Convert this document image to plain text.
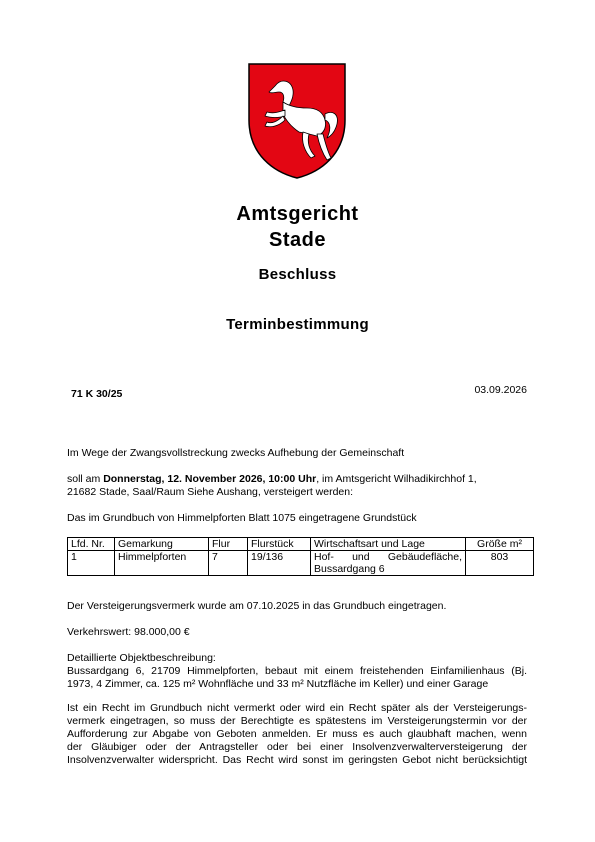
Amtsgericht
Stade
Beschluss
Terminbestimmung
71 K 30/25	03.09.2026
Im Wege der Zwangsvollstreckung zwecks Aufhebung der Gemeinschaft
soll am Donnerstag, 12. November 2026, 10:00 Uhr, im Amtsgericht Wilhadikirchhof 1,
21682 Stade, Saal/Raum Siehe Aushang, versteigert werden:
Das im Grundbuch von Himmelpforten Blatt 1075 eingetragene Grundstück
Lfd. Nr.	Gemarkung	Flur	Flurstück	Wirtschaftsart und Lage	Größe m²
1	Himmelpforten	7	19/136	Hof- und Gebäudefläche,
Bussardgang 6	803
Der Versteigerungsvermerk wurde am 07.10.2025 in das Grundbuch eingetragen.
Verkehrswert: 98.000,00 €
Detaillierte Objektbeschreibung:
Bussardgang 6, 21709 Himmelpforten, bebaut mit einem freistehenden Einfamilienhaus (Bj.
1973, 4 Zimmer, ca. 125 m² Wohnfläche und 33 m² Nutzfläche im Keller) und einer Garage
Ist ein Recht im Grundbuch nicht vermerkt oder wird ein Recht später als der Versteigerungs-
vermerk eingetragen, so muss der Berechtigte es spätestens im Versteigerungstermin vor der
Aufforderung zur Abgabe von Geboten anmelden. Er muss es auch glaubhaft machen, wenn
der Gläubiger oder der Antragsteller oder bei einer Insolvenzverwalterversteigerung der
Insolvenzverwalter widerspricht. Das Recht wird sonst im geringsten Gebot nicht berücksichtigt
